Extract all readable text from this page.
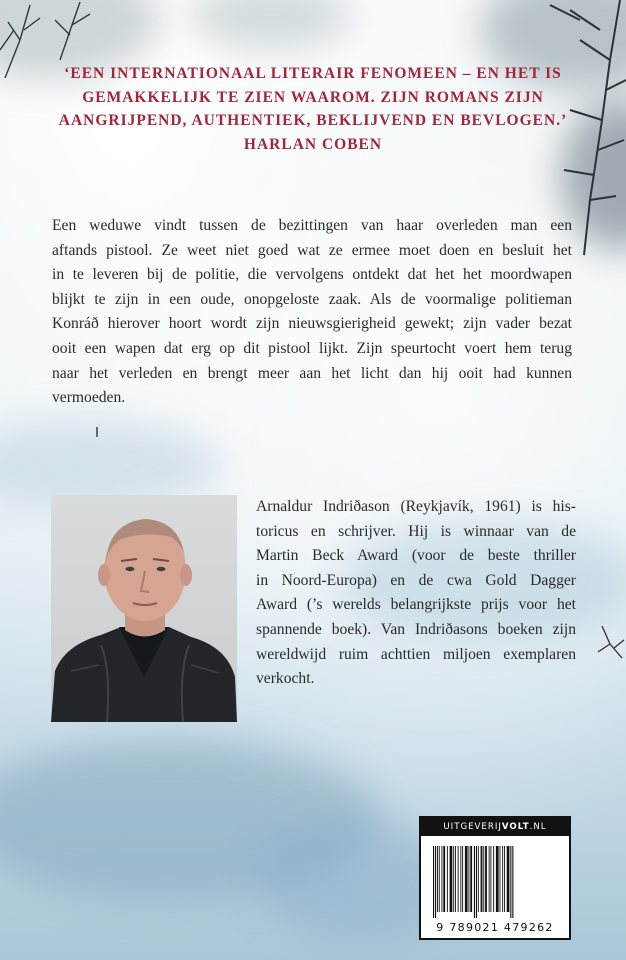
‘EEN INTERNATIONAAL LITERAIR FENOMEEN – EN HET IS
GEMAKKELIJK TE ZIEN WAAROM. ZIJN ROMANS ZIJN
AANGRIJPEND, AUTHENTIEK, BEKLIJVEND EN BEVLOGEN.’
HARLAN COBEN
Een weduwe vindt tussen de bezittingen van haar overleden man een
aftands pistool. Ze weet niet goed wat ze ermee moet doen en besluit het
in te leveren bij de politie, die vervolgens ontdekt dat het het moordwapen
blijkt te zijn in een oude, onopgeloste zaak. Als de voormalige politieman
Konráð hierover hoort wordt zijn nieuwsgierigheid gewekt; zijn vader bezat
ooit een wapen dat erg op dit pistool lijkt. Zijn speurtocht voert hem terug
naar het verleden en brengt meer aan het licht dan hij ooit had kunnen
vermoeden.
Arnaldur Indriðason (Reykjavík, 1961) is his-
toricus en schrijver. Hij is winnaar van de
Martin Beck Award (voor de beste thriller
in Noord-Europa) en de cwa Gold Dagger
Award (’s werelds belangrijkste prijs voor het
spannende boek). Van Indriðasons boeken zijn
wereldwijd ruim achttien miljoen exemplaren
verkocht.
UITGEVERIJVOLT.NL
9 789021 479262
